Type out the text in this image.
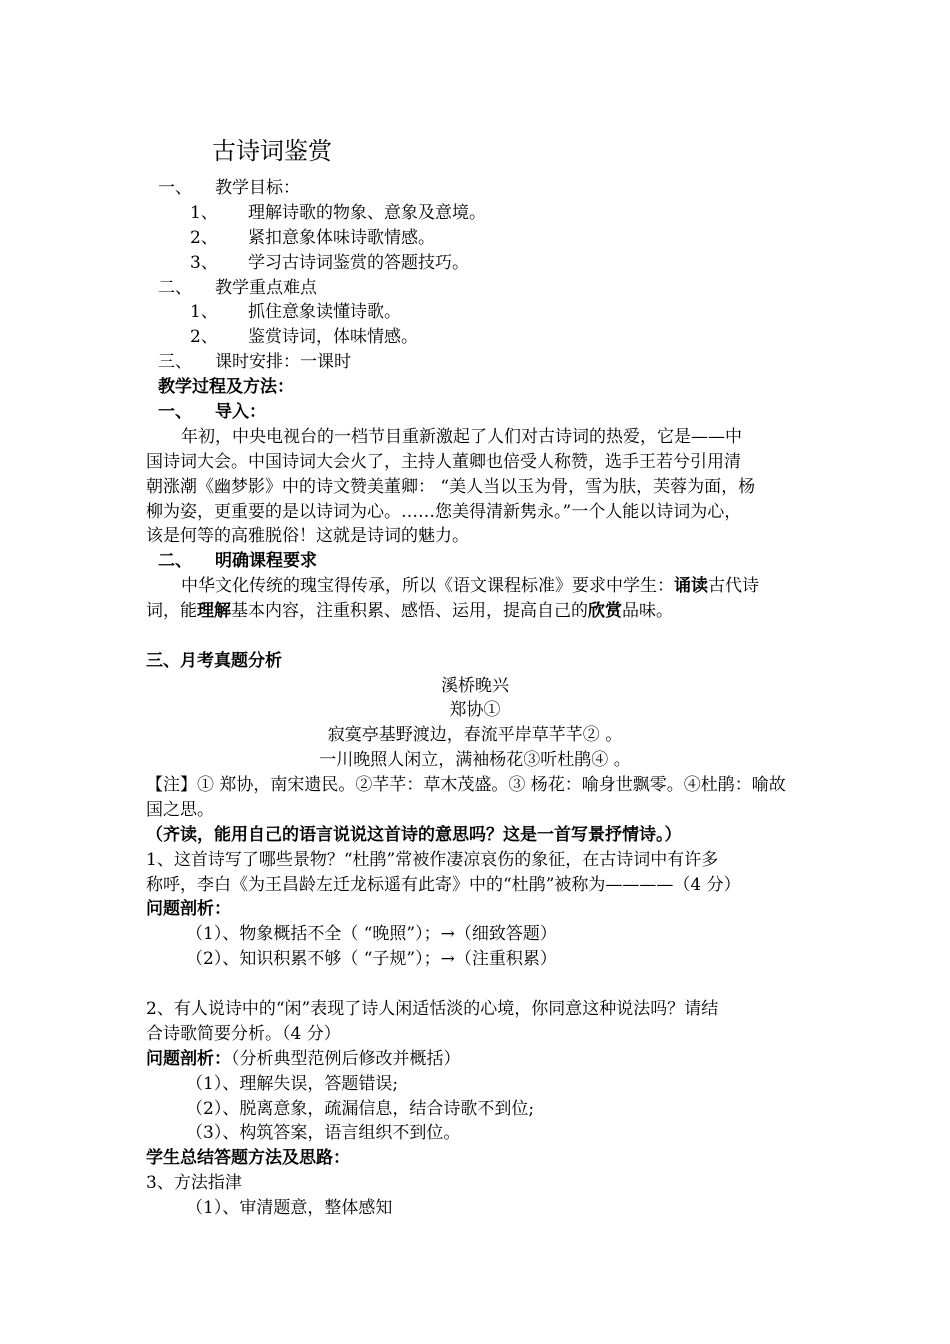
古诗词鉴赏
一、 教学目标：
1、 理解诗歌的物象、意象及意境。
2、 紧扣意象体味诗歌情感。
3、 学习古诗词鉴赏的答题技巧。
二、 教学重点难点
1、 抓住意象读懂诗歌。
2、 鉴赏诗词，体味情感。
三、 课时安排：一课时
教学过程及方法：
一、 导入：
年初，中央电视台的一档节目重新激起了人们对古诗词的热爱，它是——中
国诗词大会。中国诗词大会火了，主持人董卿也倍受人称赞，选手王若兮引用清
朝涨潮《幽梦影》中的诗文赞美董卿： “美人当以玉为骨，雪为肤，芙蓉为面，杨
柳为姿，更重要的是以诗词为心。……您美得清新隽永。”一个人能以诗词为心，
该是何等的高雅脱俗！这就是诗词的魅力。
二、 明确课程要求
中华文化传统的瑰宝得传承，所以《语文课程标准》要求中学生：诵读古代诗
词，能理解基本内容，注重积累、感悟、运用，提高自己的欣赏品味。
三、月考真题分析
溪桥晚兴
郑协①
寂寞亭基野渡边，春流平岸草芊芊② 。
一川晚照人闲立，满袖杨花③听杜鹃④ 。
【注】① 郑协，南宋遗民。②芊芊：草木茂盛。③ 杨花：喻身世飘零。④杜鹃：喻故
国之思。
（齐读，能用自己的语言说说这首诗的意思吗？这是一首写景抒情诗。）
1、这首诗写了哪些景物？“杜鹃”常被作凄凉哀伤的象征，在古诗词中有许多
称呼，李白《为王昌龄左迁龙标遥有此寄》中的“杜鹃”被称为————（4 分）
问题剖析：
（1）、物象概括不全（ “晚照”）；→（细致答题）
（2）、知识积累不够（ “子规”）；→（注重积累）
2、有人说诗中的“闲”表现了诗人闲适恬淡的心境，你同意这种说法吗？请结
合诗歌简要分析。（4 分）
问题剖析：（分析典型范例后修改并概括）
（1）、理解失误，答题错误;
（2）、脱离意象，疏漏信息，结合诗歌不到位;
（3）、构筑答案，语言组织不到位。
学生总结答题方法及思路：
3、方法指津
（1）、审清题意，整体感知
